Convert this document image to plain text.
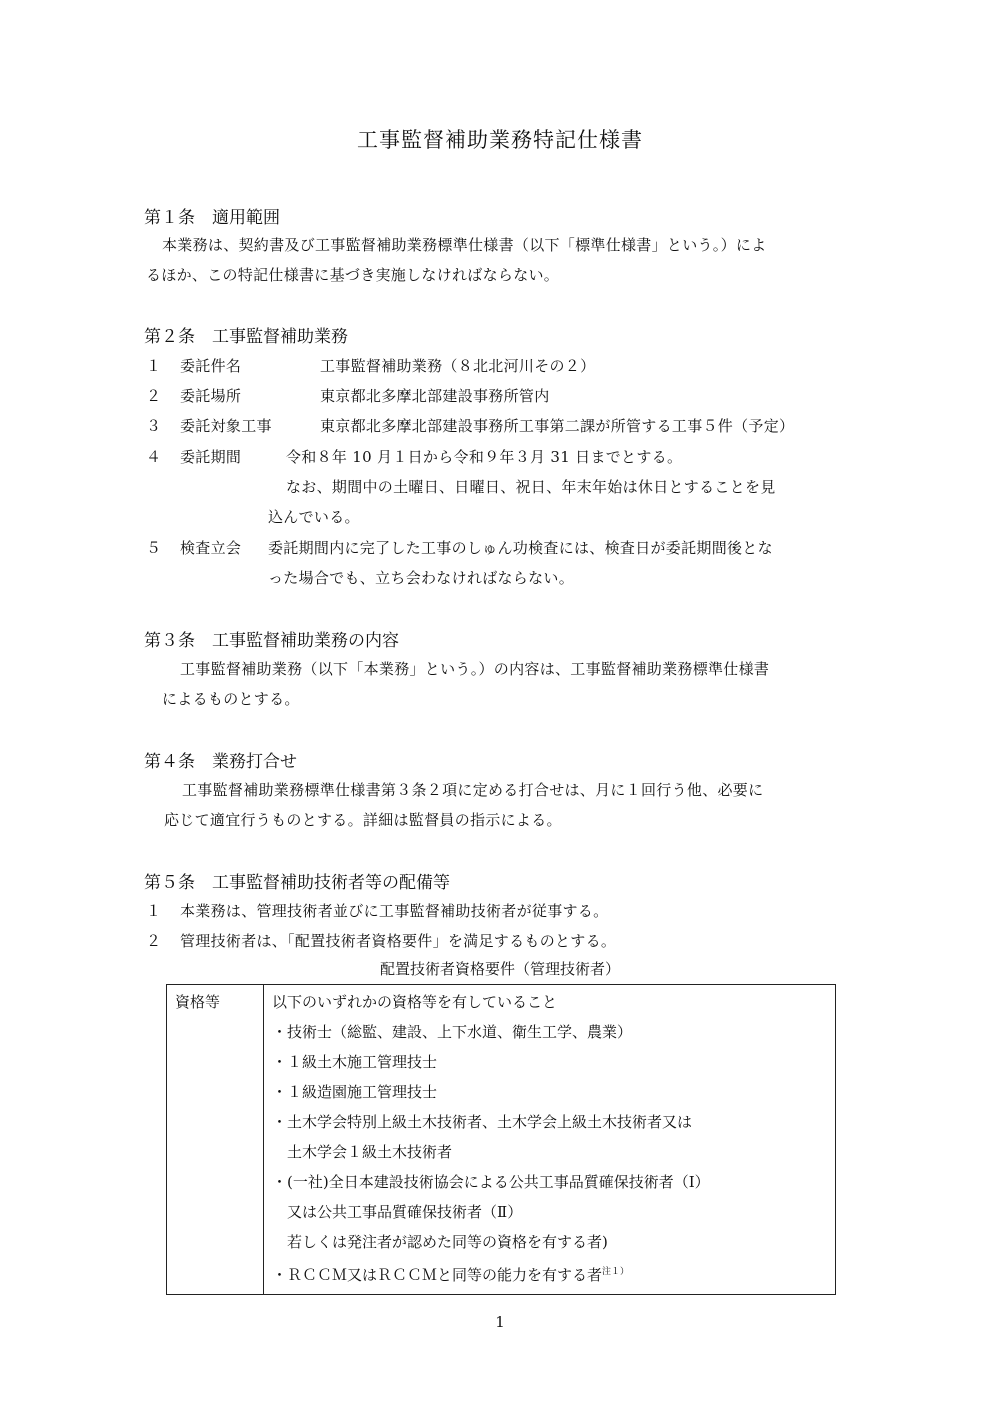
工事監督補助業務特記仕様書
第１条　適用範囲
本業務は、契約書及び工事監督補助業務標準仕様書（以下「標準仕様書」という。）によ
るほか、この特記仕様書に基づき実施しなければならない。
第２条　工事監督補助業務
１ 委託件名	工事監督補助業務（８北北河川その２）
２ 委託場所	東京都北多摩北部建設事務所管内
３ 委託対象工事	東京都北多摩北部建設事務所工事第二課が所管する工事５件（予定）
４ 委託期間	令和８年 10 月１日から令和９年３月 31 日までとする。
なお、期間中の土曜日、日曜日、祝日、年末年始は休日とすることを見
込んでいる。
５ 検査立会 委託期間内に完了した工事のしゅん功検査には、検査日が委託期間後とな
った場合でも、立ち会わなければならない。
第３条　工事監督補助業務の内容
工事監督補助業務（以下「本業務」という。）の内容は、工事監督補助業務標準仕様書
によるものとする。
第４条　業務打合せ
工事監督補助業務標準仕様書第３条２項に定める打合せは、月に１回行う他、必要に
応じて適宜行うものとする。詳細は監督員の指示による。
第５条　工事監督補助技術者等の配備等
１ 本業務は、管理技術者並びに工事監督補助技術者が従事する。
２ 管理技術者は、「配置技術者資格要件」を満足するものとする。
配置技術者資格要件（管理技術者）
資格等	以下のいずれかの資格等を有していること
・技術士（総監、建設、上下水道、衛生工学、農業）
・１級土木施工管理技士
・１級造園施工管理技士
・土木学会特別上級土木技術者、土木学会上級土木技術者又は
　土木学会１級土木技術者
・(一社)全日本建設技術協会による公共工事品質確保技術者（Ⅰ）
　又は公共工事品質確保技術者（Ⅱ）
　若しくは発注者が認めた同等の資格を有する者)
・ＲＣＣＭ又はＲＣＣＭと同等の能力を有する者$^{注1)}$
1
